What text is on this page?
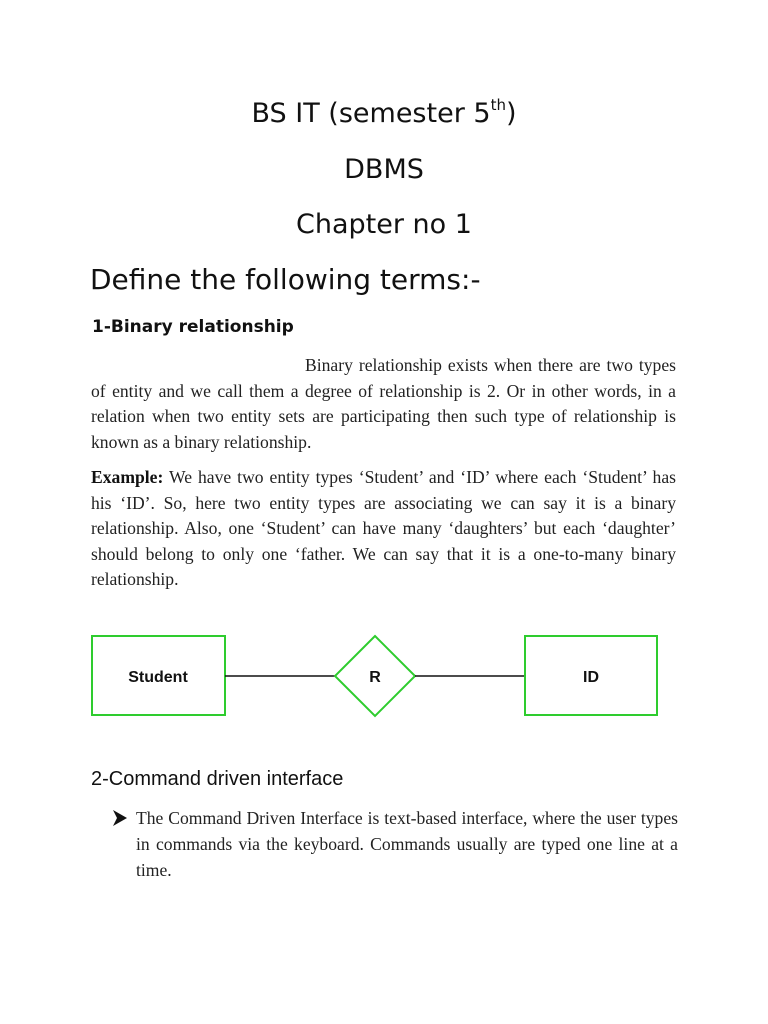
BS IT (semester 5th)
DBMS
Chapter no 1
Define the following terms:-
1-Binary relationship
Binary relationship exists when there are two types of entity and we call them a degree of relationship is 2. Or in other words, in a relation when two entity sets are participating then such type of relationship is known as a binary relationship.
Example: We have two entity types ‘Student’ and ‘ID’ where each ‘Student’ has his ‘ID’. So, here two entity types are associating we can say it is a binary relationship. Also, one ‘Student’ can have many ‘daughters’ but each ‘daughter’ should belong to only one ‘father. We can say that it is a one-to-many binary relationship.
Student	R	ID
2-Command driven interface
The Command Driven Interface is text-based interface, where the user types in commands via the keyboard. Commands usually are typed one line at a time.
